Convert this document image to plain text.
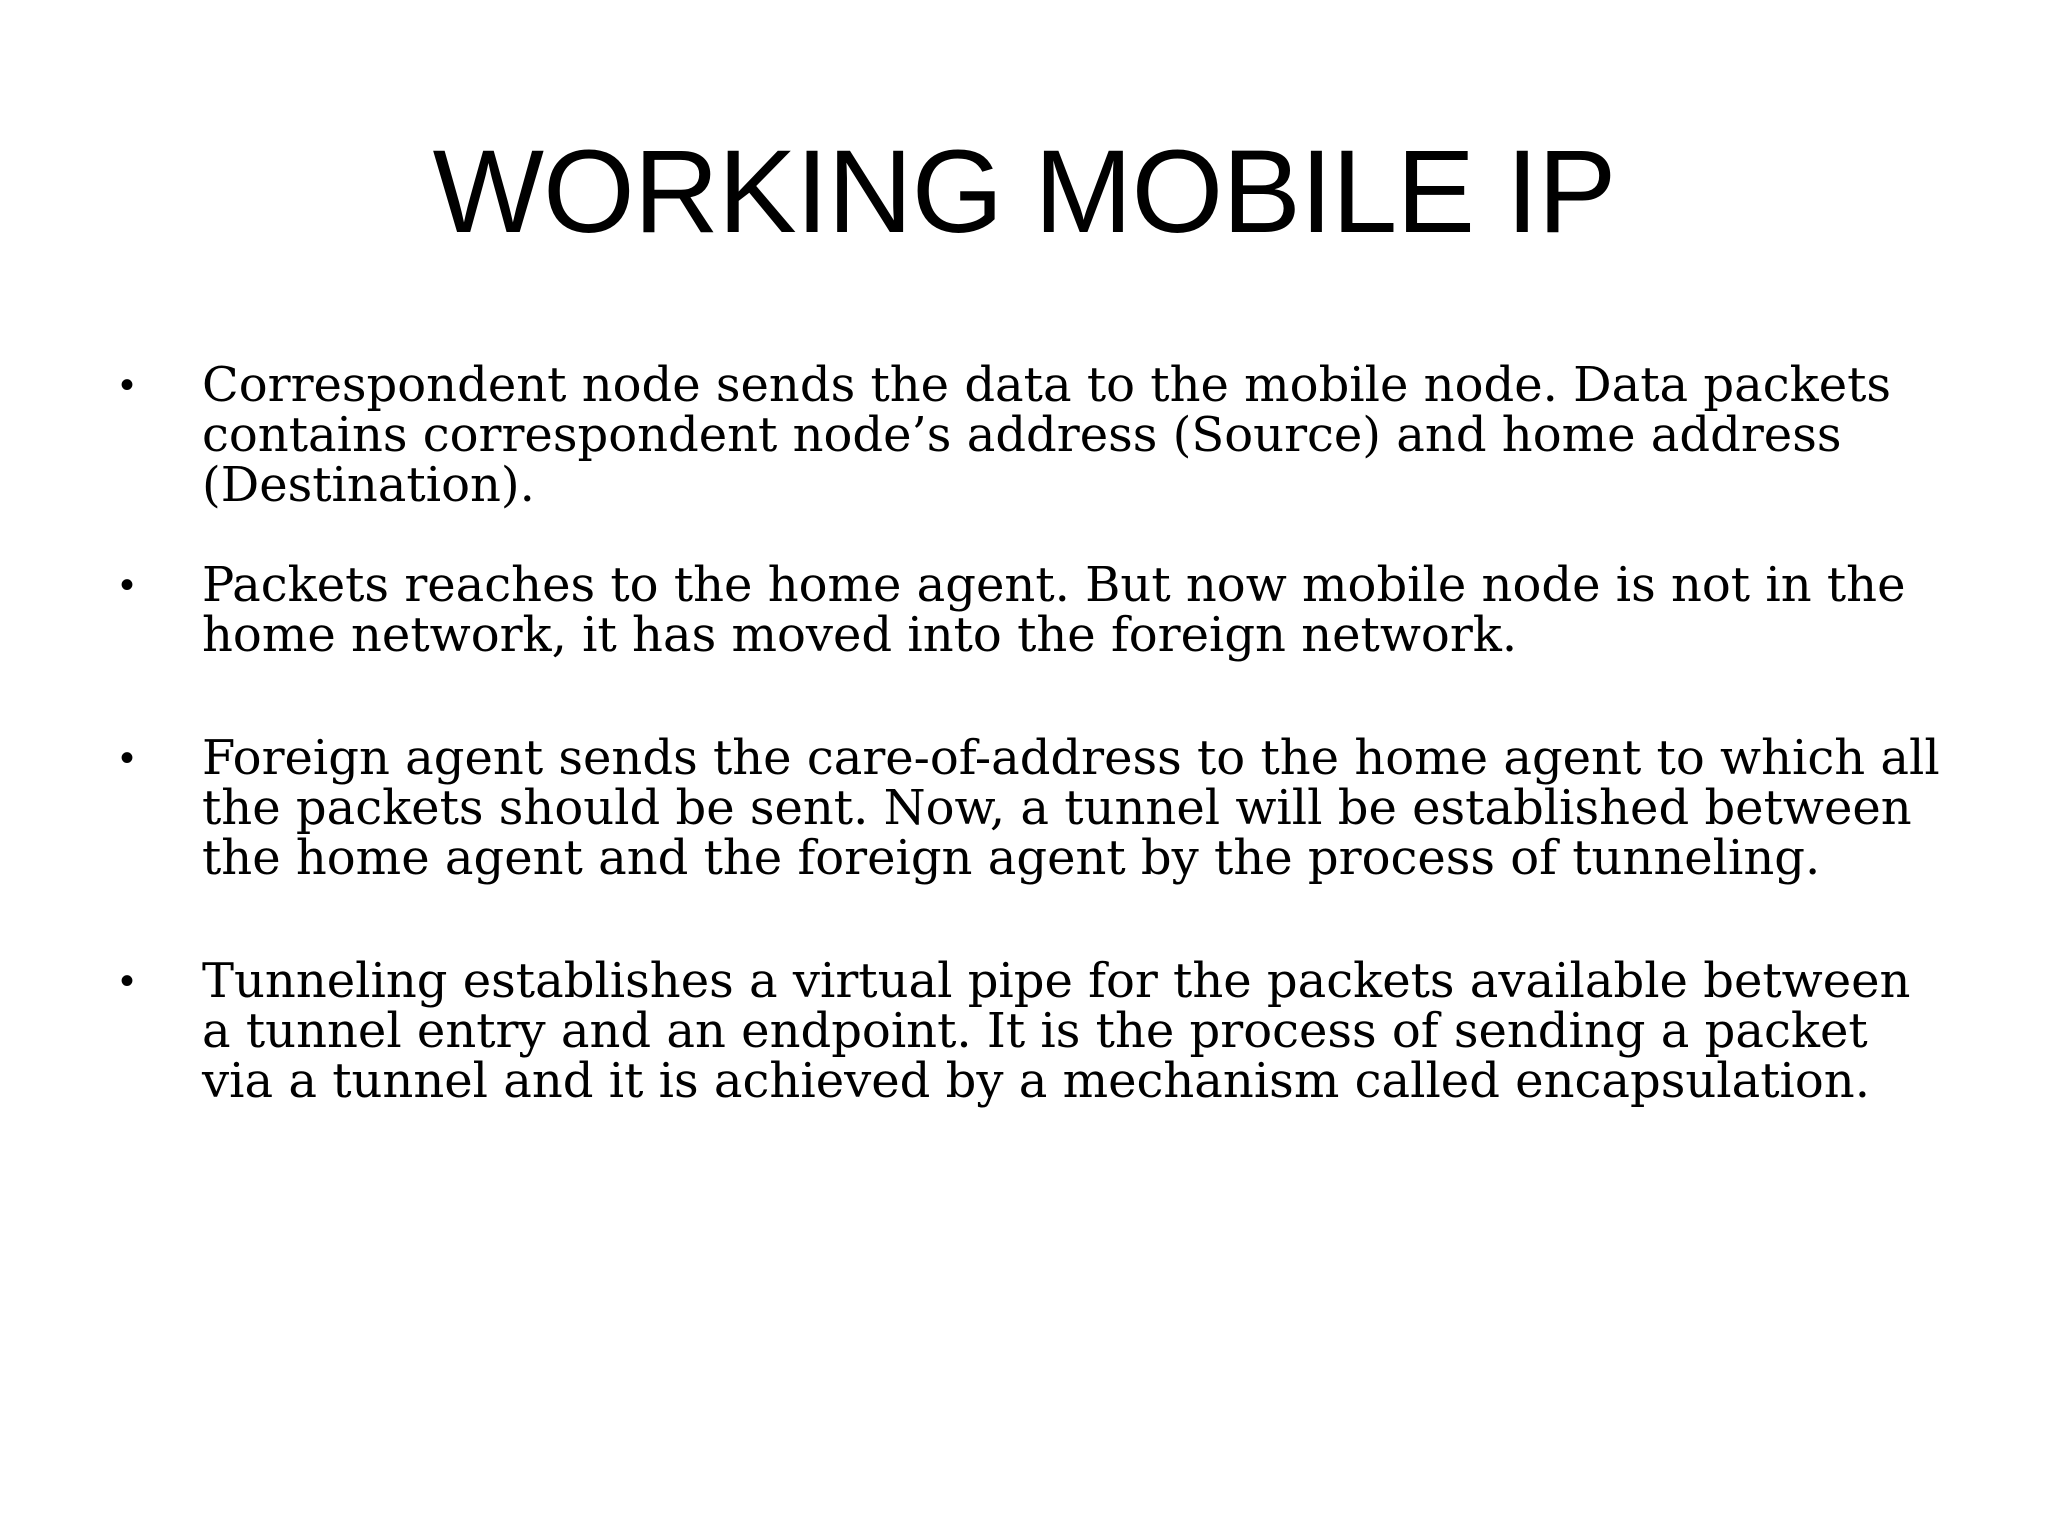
WORKING MOBILE IP
• Correspondent node sends the data to the mobile node. Data packets contains correspondent node’s address (Source) and home address (Destination).
• Packets reaches to the home agent. But now mobile node is not in the home network, it has moved into the foreign network.
• Foreign agent sends the care-of-address to the home agent to which all the packets should be sent. Now, a tunnel will be established between the home agent and the foreign agent by the process of tunneling.
• Tunneling establishes a virtual pipe for the packets available between a tunnel entry and an endpoint. It is the process of sending a packet via a tunnel and it is achieved by a mechanism called encapsulation.
